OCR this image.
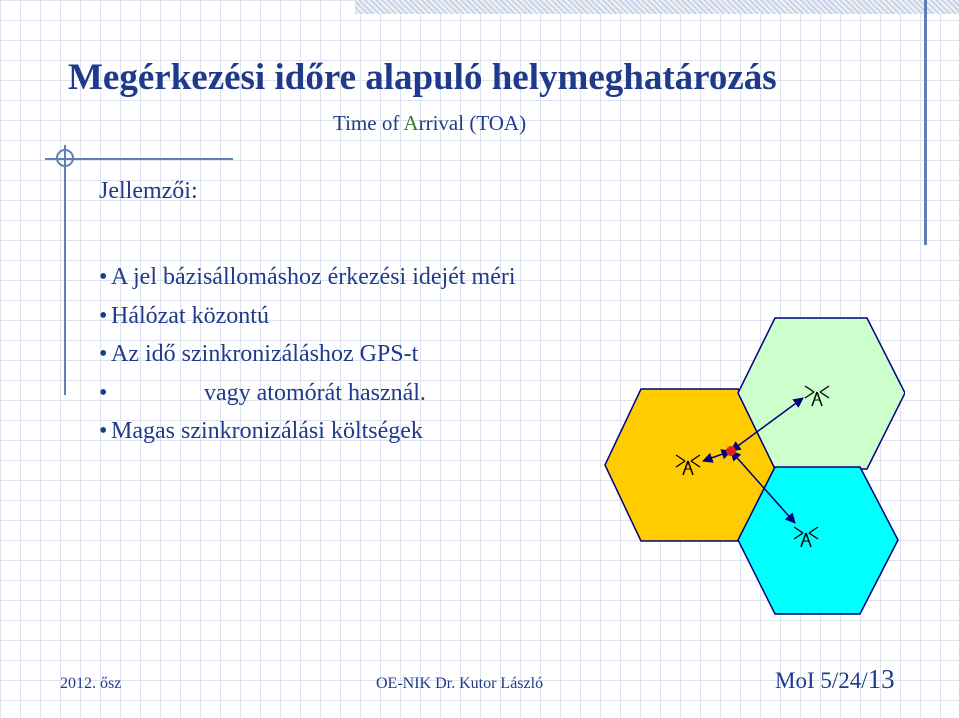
Megérkezési időre alapuló helymeghatározás
Time of Arrival (TOA)
Jellemzői:
• A jel bázisállomáshoz érkezési idejét méri
• Hálózat közontú
• Az idő szinkronizáláshoz GPS-t
•	vagy atomórát használ.
• Magas szinkronizálási költségek
2012. ősz	OE-NIK Dr. Kutor László	MoI 5/24/13
